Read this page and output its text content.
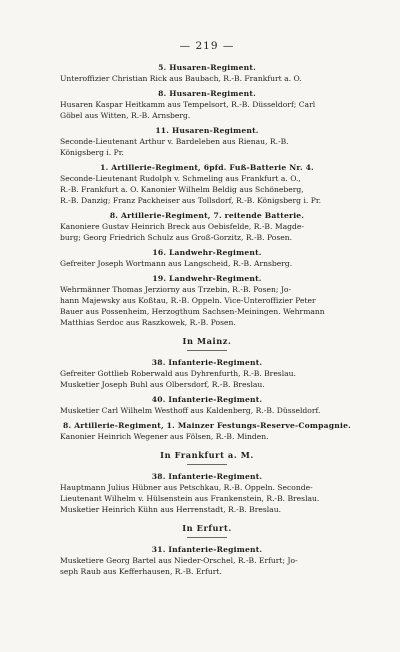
— 219 —
5. Husaren-Regiment.
Unteroffizier Christian Rick aus Baubach, R.-B. Frankfurt a. O.
8. Husaren-Regiment.
Husaren Kaspar Heitkamm aus Tempelsort, R.-B. Düsseldorf; Carl
Göbel aus Witten, R.-B. Arnsberg.
11. Husaren-Regiment.
Seconde-Lieutenant Arthur v. Bardeleben aus Rienau, R.-B.
Königsberg i. Pr.
1. Artillerie-Regiment, 6pfd. Fuß-Batterie Nr. 4.
Seconde-Lieutenant Rudolph v. Schmeling aus Frankfurt a. O.,
R.-B. Frankfurt a. O. Kanonier Wilhelm Beldig aus Schöneberg,
R.-B. Danzig; Franz Packheiser aus Tollsdorf, R.-B. Königsberg i. Pr.
8. Artillerie-Regiment, 7. reitende Batterie.
Kanoniere Gustav Heinrich Breck aus Oebisfelde, R.-B. Magde-
burg; Georg Friedrich Schulz aus Groß-Gorzitz, R.-B. Posen.
16. Landwehr-Regiment.
Gefreiter Joseph Wortmann aus Langscheid, R.-B. Arnsberg.
19. Landwehr-Regiment.
Wehrmänner Thomas Jerziorny aus Trzebin, R.-B. Posen; Jo-
hann Majewsky aus Koßtau, R.-B. Oppeln. Vice-Unteroffizier Peter
Bauer aus Possenheim, Herzogthum Sachsen-Meiningen. Wehrmann
Matthias Serdoc aus Raszkowek, R.-B. Posen.
In Mainz.
38. Infanterie-Regiment.
Gefreiter Gottlieb Roberwald aus Dyhrenfurth, R.-B. Breslau.
Musketier Joseph Buhl aus Olbersdorf, R.-B. Breslau.
40. Infanterie-Regiment.
Musketier Carl Wilhelm Westhoff aus Kaldenberg, R.-B. Düsseldorf.
8. Artillerie-Regiment, 1. Mainzer Festungs-Reserve-Compagnie.
Kanonier Heinrich Wegener aus Fölsen, R.-B. Minden.
In Frankfurt a. M.
38. Infanterie-Regiment.
Hauptmann Julius Hübner aus Petschkau, R.-B. Oppeln. Seconde-
Lieutenant Wilhelm v. Hülsenstein aus Frankenstein, R.-B. Breslau.
Musketier Heinrich Kühn aus Herrenstadt, R.-B. Breslau.
In Erfurt.
31. Infanterie-Regiment.
Musketiere Georg Bartel aus Nieder-Orschel, R.-B. Erfurt; Jo-
seph Raub aus Kefferhausen, R.-B. Erfurt.
